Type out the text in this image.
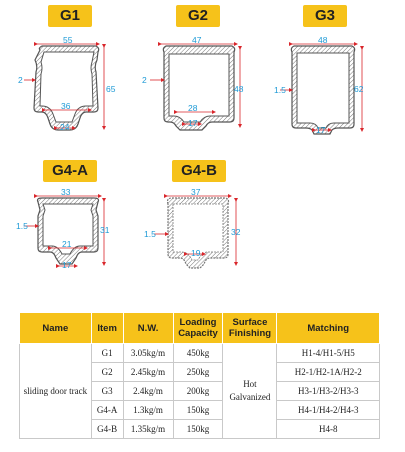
G1	G2	G3
G4-A	G4-B
55
65
2
36
24
47
48
2
28
17
48
62
1.5
17
33
31
1.5
21
17
37
32
1.5
19
Name	Item	N.W.	Loading Capacity	Surface Finishing	Matching
sliding door track	G1	3.05kg/m	450kg	Hot Galvanized	H1-4/H1-5/H5
	G2	2.45kg/m	250kg		H2-1/H2-1A/H2-2
	G3	2.4kg/m	200kg		H3-1/H3-2/H3-3
	G4-A	1.3kg/m	150kg		H4-1/H4-2/H4-3
	G4-B	1.35kg/m	150kg		H4-8
